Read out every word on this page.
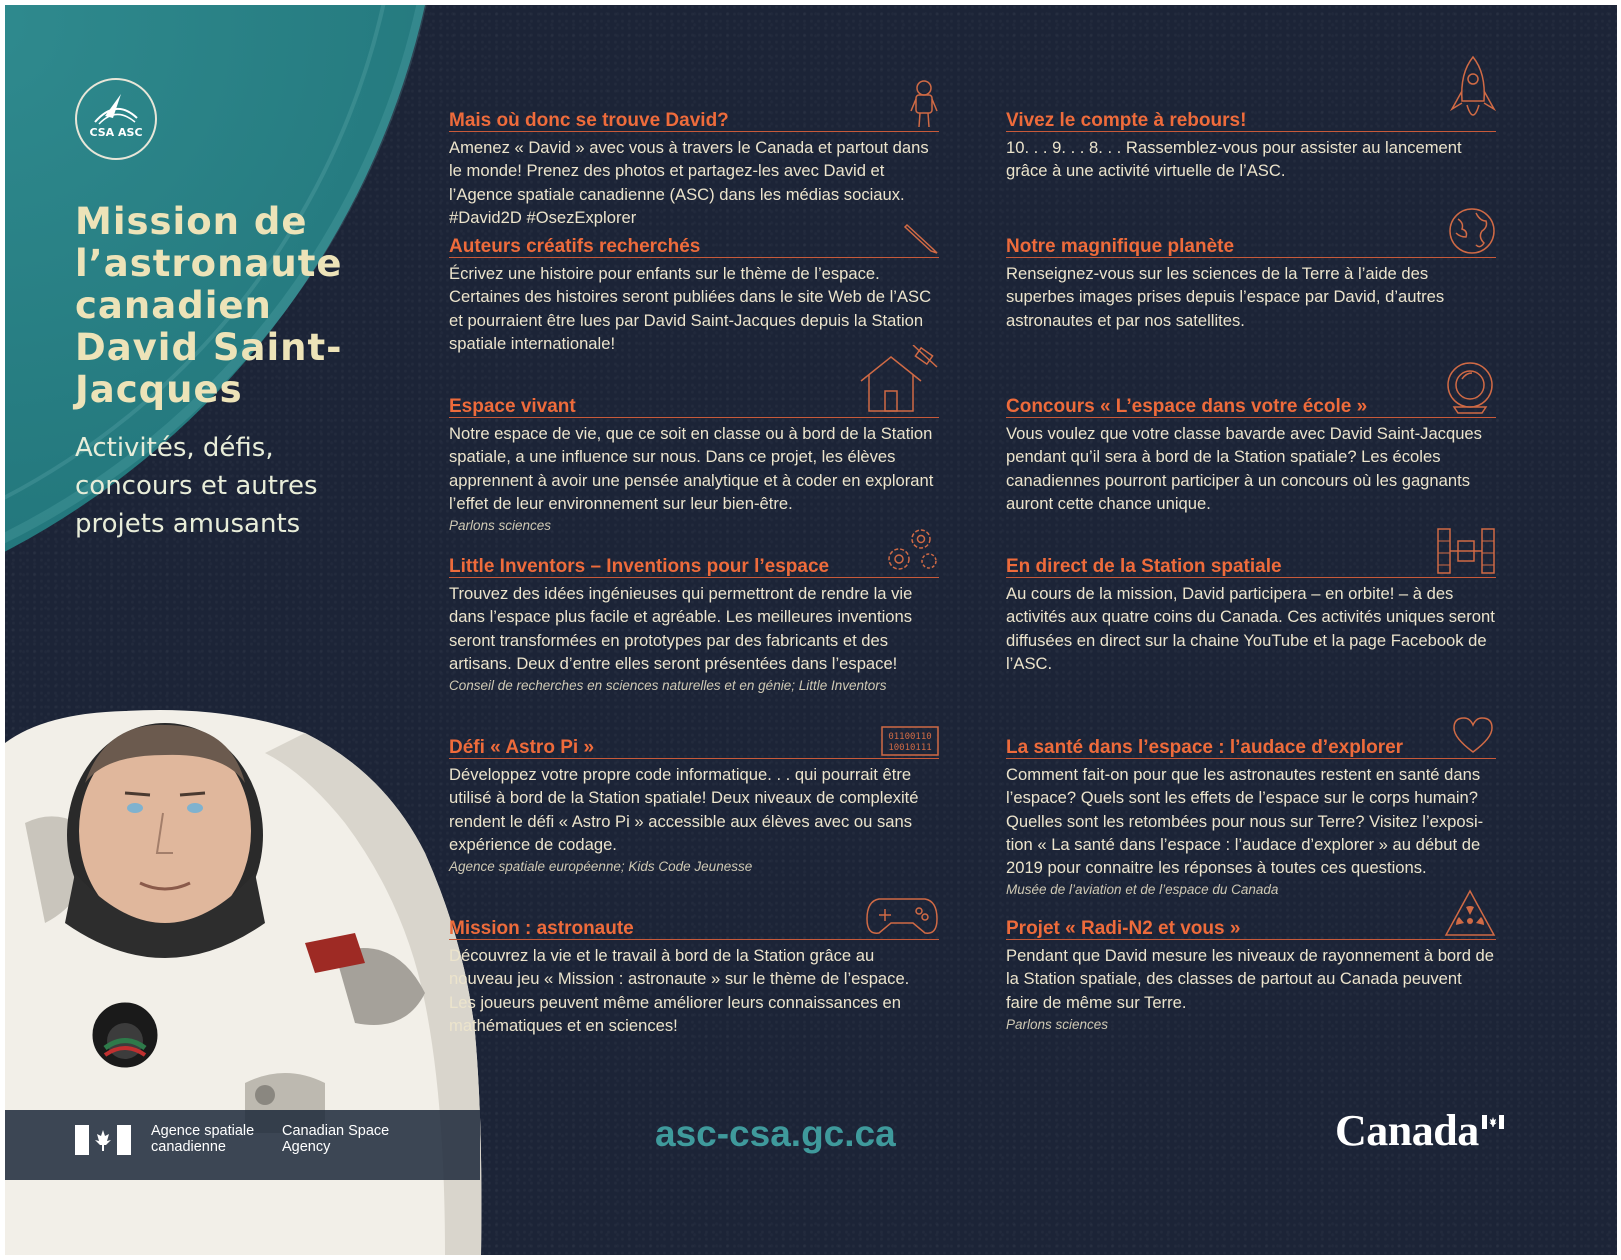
CSA ASC
Mission de l’astronaute canadien David Saint-Jacques
Activités, défis, concours et autres projets amusants
Mais où donc se trouve David?
Amenez « David » avec vous à travers le Canada et partout dans le monde! Prenez des photos et partagez-les avec David et l’Agence spatiale canadienne (ASC) dans les médias sociaux. #David2D #OsezExplorer
Auteurs créatifs recherchés
Écrivez une histoire pour enfants sur le thème de l’espace. Certaines des histoires seront publiées dans le site Web de l’ASC et pourraient être lues par David Saint-Jacques depuis la Station spatiale internationale!
Espace vivant
Notre espace de vie, que ce soit en classe ou à bord de la Station spatiale, a une influence sur nous. Dans ce projet, les élèves apprennent à avoir une pensée analytique et à coder en explorant l’effet de leur environnement sur leur bien-être.
Parlons sciences
Little Inventors – Inventions pour l’espace
Trouvez des idées ingénieuses qui permettront de rendre la vie dans l’espace plus facile et agréable. Les meilleures inventions seront transformées en prototypes par des fabricants et des artisans. Deux d’entre elles seront présentées dans l’espace!
Conseil de recherches en sciences naturelles et en génie; Little Inventors
Défi « Astro Pi »	01100110
10010111
Développez votre propre code informatique. . . qui pourrait être utilisé à bord de la Station spatiale! Deux niveaux de complexité rendent le défi « Astro Pi » accessible aux élèves avec ou sans expérience de codage.
Agence spatiale européenne; Kids Code Jeunesse
Mission : astronaute
Découvrez la vie et le travail à bord de la Station grâce au nouveau jeu « Mission : astronaute » sur le thème de l’espace. Les joueurs peuvent même améliorer leurs connaissances en mathématiques et en sciences!
Vivez le compte à rebours!
10. . . 9. . . 8. . . Rassemblez-vous pour assister au lancement grâce à une activité virtuelle de l’ASC.
Notre magnifique planète
Renseignez-vous sur les sciences de la Terre à l’aide des superbes images prises depuis l’espace par David, d’autres astronautes et par nos satellites.
Concours « L’espace dans votre école »
Vous voulez que votre classe bavarde avec David Saint-Jacques pendant qu’il sera à bord de la Station spatiale? Les écoles canadiennes pourront participer à un concours où les gagnants auront cette chance unique.
En direct de la Station spatiale
Au cours de la mission, David participera – en orbite! – à des activités aux quatre coins du Canada. Ces activités uniques seront diffusées en direct sur la chaine YouTube et la page Facebook de l’ASC.
La santé dans l’espace : l’audace d’explorer
Comment fait-on pour que les astronautes restent en santé dans l’espace? Quels sont les effets de l’espace sur le corps humain? Quelles sont les retombées pour nous sur Terre? Visitez l’exposi-tion « La santé dans l’espace : l’audace d’explorer » au début de 2019 pour connaitre les réponses à toutes ces questions.
Musée de l’aviation et de l’espace du Canada
Projet « Radi-N2 et vous »
Pendant que David mesure les niveaux de rayonnement à bord de la Station spatiale, des classes de partout au Canada peuvent faire de même sur Terre.
Parlons sciences
Agence spatiale canadienne
Canadian Space Agency	asc-csa.gc.ca	Canada
